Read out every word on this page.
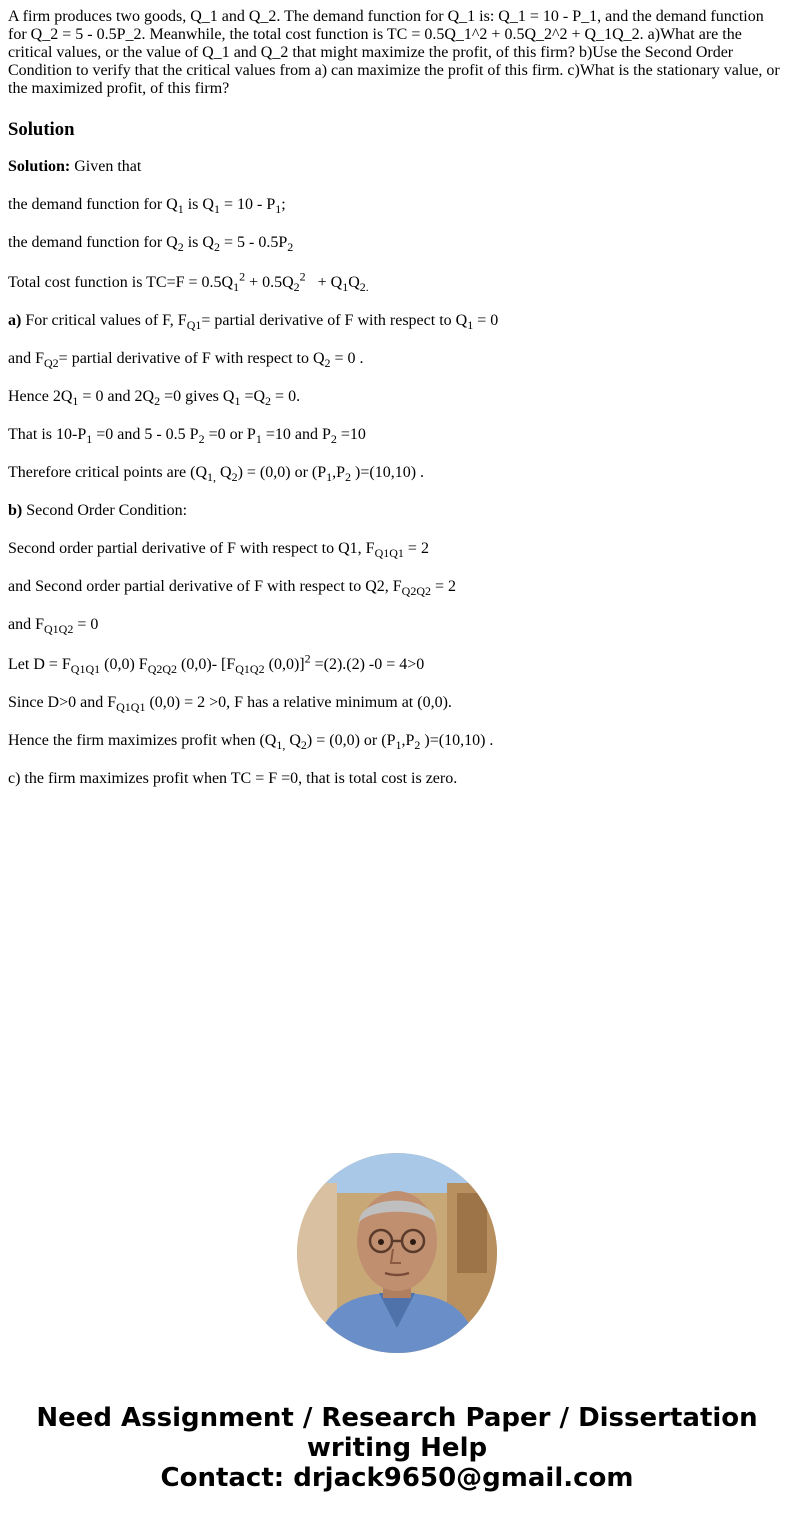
A firm produces two goods, Q_1 and Q_2. The demand function for Q_1 is: Q_1 = 10 - P_1, and the demand function for Q_2 = 5 - 0.5P_2. Meanwhile, the total cost function is TC = 0.5Q_1^2 + 0.5Q_2^2 + Q_1Q_2. a)What are the critical values, or the value of Q_1 and Q_2 that might maximize the profit, of this firm? b)Use the Second Order Condition to verify that the critical values from a) can maximize the profit of this firm. c)What is the stationary value, or the maximized profit, of this firm?

Solution

Solution: Given that

the demand function for $Q_1$ is $Q_1 = 10 - P_1$;

the demand function for $Q_2$ is $Q_2 = 5 - 0.5P_2$

Total cost function is $TC=F = 0.5Q_1^2 + 0.5Q_2^2 + Q_1Q_{2.}$

a) For critical values of F, $F_{Q1}=$ partial derivative of F with respect to $Q_1 = 0$

and $F_{Q2}=$ partial derivative of F with respect to $Q_2 = 0$ .

Hence $2Q_1 = 0$ and $2Q_2 =0$ gives $Q_1 =Q_2 = 0$.

That is $10-P_1 =0$ and 5 - 0.5 $P_2 =0$ or $P_1 =10$ and $P_2 =10$

Therefore critical points are ($Q_{1,}$ $Q_2) = (0,0)$ or ($P_1,P_2$ )=(10,10) .

b) Second Order Condition:

Second order partial derivative of F with respect to Q1, $F_{Q1Q1} = 2$

and Second order partial derivative of F with respect to Q2, $F_{Q2Q2} = 2$

and $F_{Q1Q2} = 0$

Let $D = F_{Q1Q1}$ (0,0) $F_{Q2Q2}$ (0,0)- [$F_{Q1Q2}$ (0,0)]$^2$ =(2).(2) -0 = 4>0

Since D>0 and $F_{Q1Q1}$ (0,0) = 2 >0, F has a relative minimum at (0,0).

Hence the firm maximizes profit when ($Q_{1,}$ $Q_2) = (0,0)$ or ($P_1,P_2$ )=(10,10) .

c) the firm maximizes profit when TC = F =0, that is total cost is zero.

Need Assignment / Research Paper / Dissertation
writing Help
Contact: drjack9650@gmail.com
